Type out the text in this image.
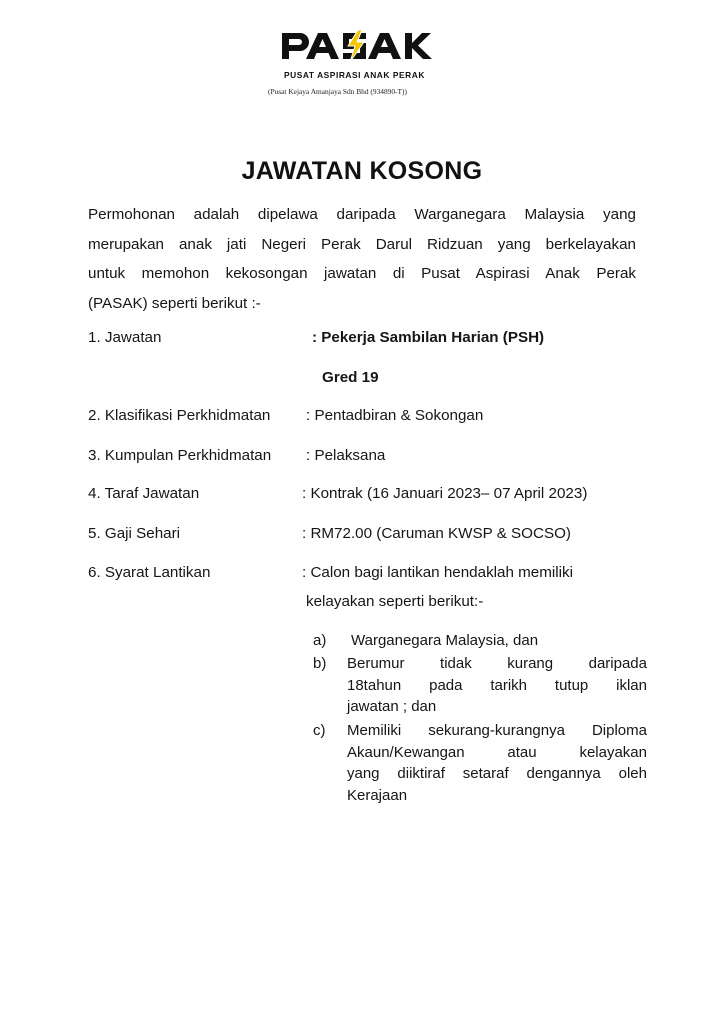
PUSAT ASPIRASI ANAK PERAK
(Pusat Kejaya Amanjaya Sdn Bhd (934890-T))
JAWATAN KOSONG
Permohonan adalah dipelawa daripada Warganegara Malaysia yang
merupakan anak jati Negeri Perak Darul Ridzuan yang berkelayakan
untuk memohon kekosongan jawatan di Pusat Aspirasi Anak Perak
(PASAK) seperti berikut :-
1. Jawatan	: Pekerja Sambilan Harian (PSH)
Gred 19
2. Klasifikasi Perkhidmatan : Pentadbiran & Sokongan
3. Kumpulan Perkhidmatan : Pelaksana
4. Taraf Jawatan	: Kontrak (16 Januari 2023– 07 April 2023)
5. Gaji Sehari	: RM72.00 (Caruman KWSP & SOCSO)
6. Syarat Lantikan	: Calon bagi lantikan hendaklah memiliki
kelayakan seperti berikut:-
a)	Warganegara Malaysia, dan
b)	Berumur tidak kurang daripada
18tahun pada tarikh tutup iklan
jawatan ; dan
c)	Memiliki sekurang-kurangnya Diploma
Akaun/Kewangan atau kelayakan
yang diiktiraf setaraf dengannya oleh
Kerajaan
